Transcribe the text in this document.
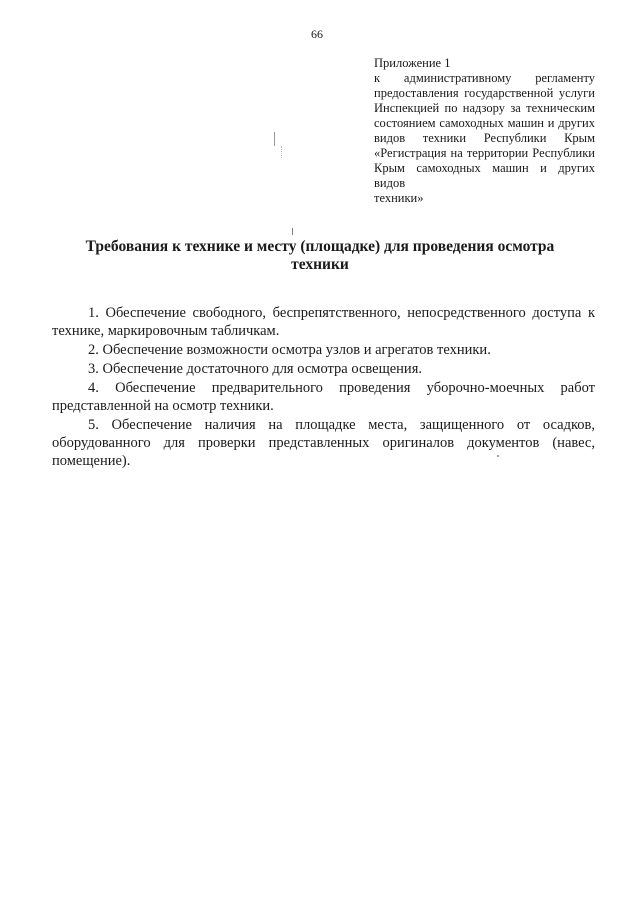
66
Приложение 1
к административному регламенту предоставления государственной услуги Инспекцией по надзору за техническим состоянием самоходных машин и других видов техники Республики Крым «Регистрация на территории Республики Крым самоходных машин и других видов
техники»
Требования к технике и месту (площадке) для проведения осмотра техники

1. Обеспечение свободного, беспрепятственного, непосредственного доступа к технике, маркировочным табличкам.

2. Обеспечение возможности осмотра узлов и агрегатов техники.

3. Обеспечение достаточного для осмотра освещения.

4. Обеспечение предварительного проведения уборочно-моечных работ представленной на осмотр техники.

5. Обеспечение наличия на площадке места, защищенного от осадков, оборудованного для проверки представленных оригиналов документов (навес, помещение).
